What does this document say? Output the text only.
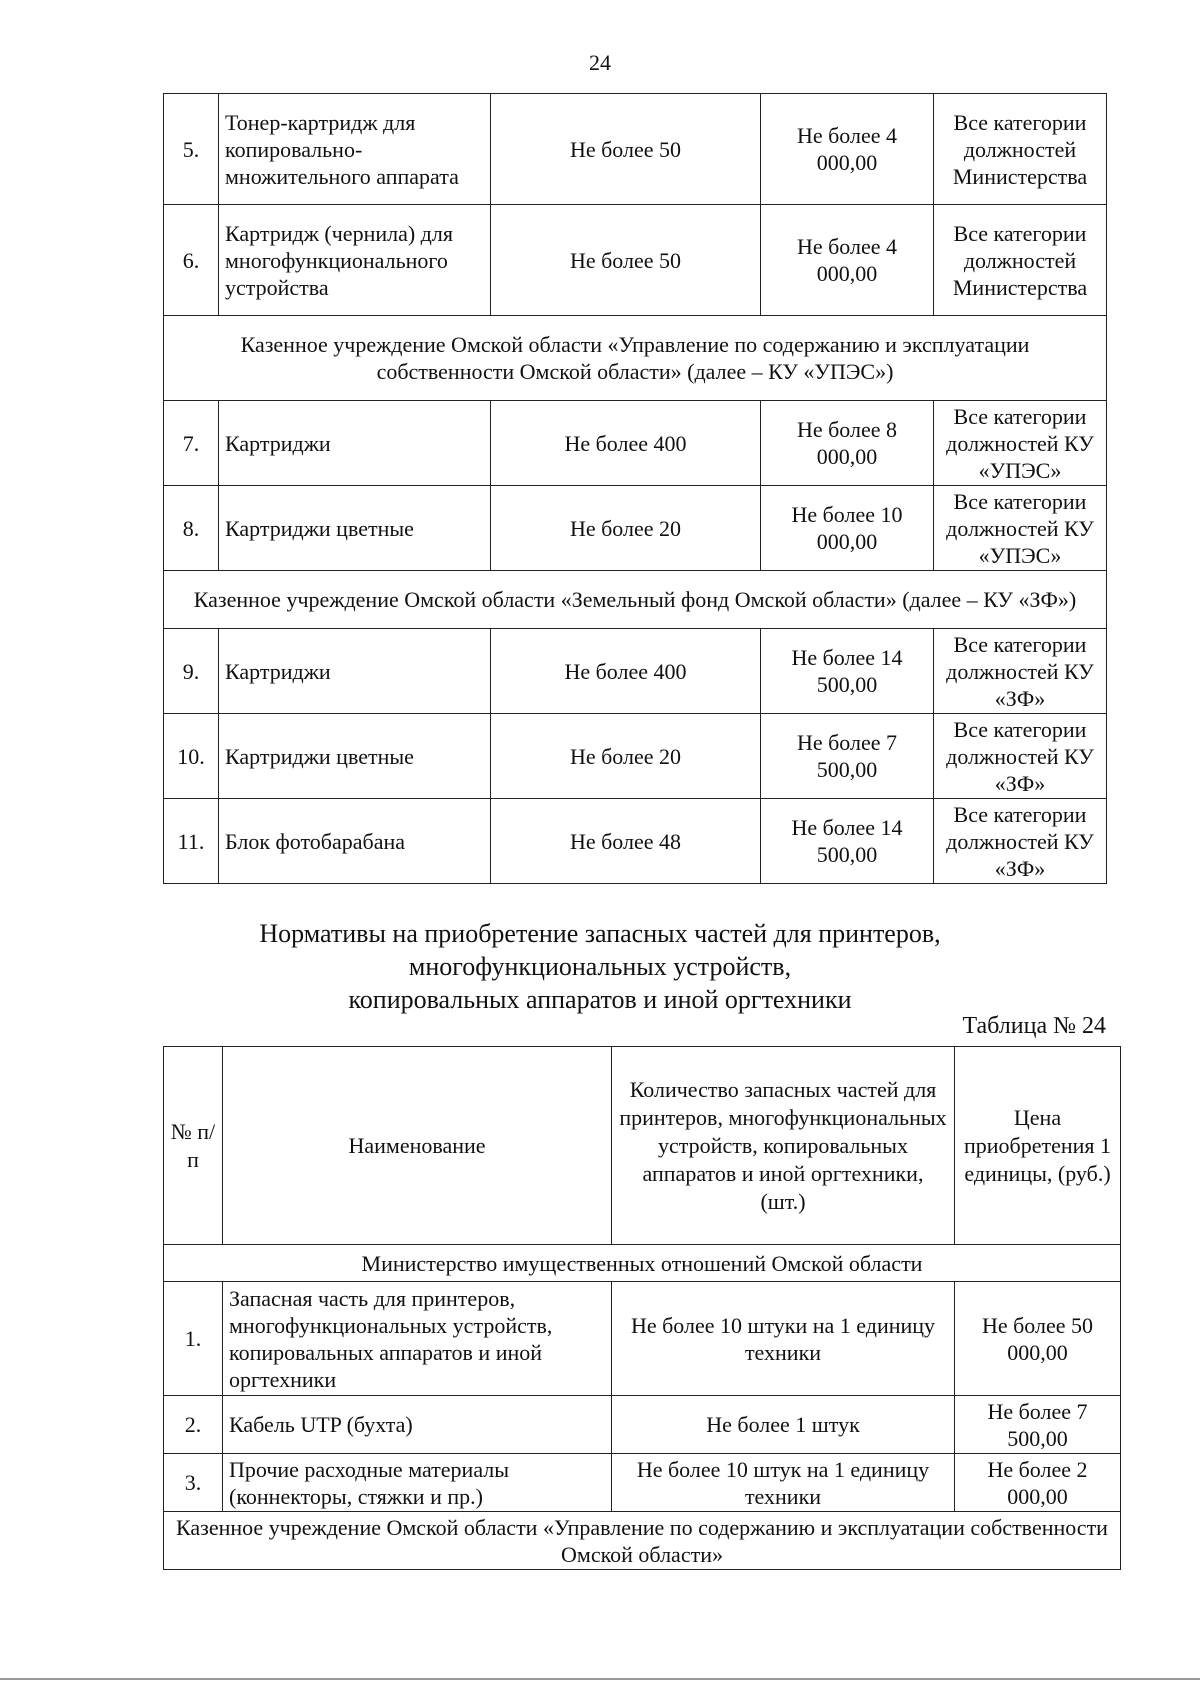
24
5.	Тонер-картридж для копировально-множительного аппарата	Не более 50	Не более 4 000,00	Все категории должностей Министерства
6.	Картридж (чернила) для многофункционального устройства	Не более 50	Не более 4 000,00	Все категории должностей Министерства
Казенное учреждение Омской области «Управление по содержанию и эксплуатации собственности Омской области» (далее – КУ «УПЭС»)				
7.	Картриджи	Не более 400	Не более 8 000,00	Все категории должностей КУ «УПЭС»
8.	Картриджи цветные	Не более 20	Не более 10 000,00	Все категории должностей КУ «УПЭС»
Казенное учреждение Омской области «Земельный фонд Омской области» (далее – КУ «ЗФ»)				
9.	Картриджи	Не более 400	Не более 14 500,00	Все категории должностей КУ «ЗФ»
10.	Картриджи цветные	Не более 20	Не более 7 500,00	Все категории должностей КУ «ЗФ»
11.	Блок фотобарабана	Не более 48	Не более 14 500,00	Все категории должностей КУ «ЗФ»
Нормативы на приобретение запасных частей для принтеров,
многофункциональных устройств,
копировальных аппаратов и иной оргтехники
Таблица № 24
№ п/п	Наименование	Количество запасных частей для принтеров, многофункциональных устройств, копировальных аппаратов и иной оргтехники, (шт.)	Цена приобретения 1 единицы, (руб.)
Министерство имущественных отношений Омской области			
1.	Запасная часть для принтеров, многофункциональных устройств, копировальных аппаратов и иной оргтехники	Не более 10 штуки на 1 единицу техники	Не более 50 000,00
2.	Кабель UTP (бухта)	Не более 1 штук	Не более 7 500,00
3.	Прочие расходные материалы (коннекторы, стяжки и пр.)	Не более 10 штук на 1 единицу техники	Не более 2 000,00
Казенное учреждение Омской области «Управление по содержанию и эксплуатации собственности Омской области»			
